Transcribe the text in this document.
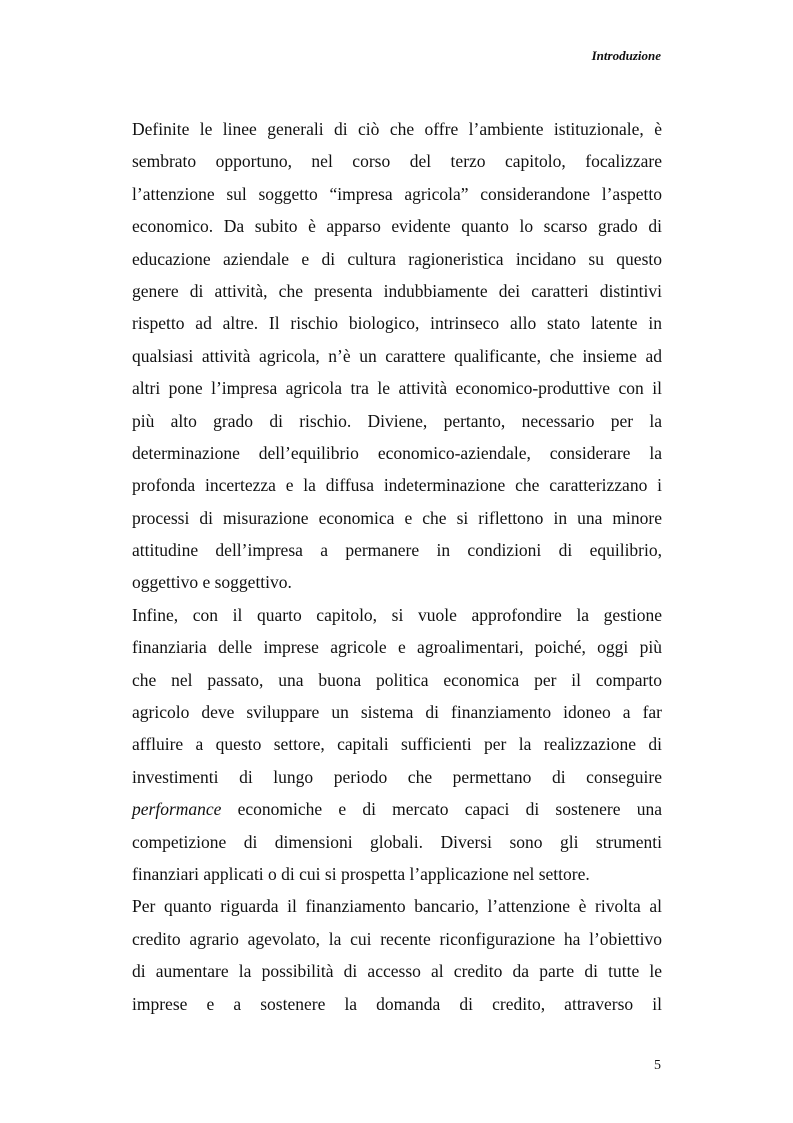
Introduzione
Definite le linee generali di ciò che offre l’ambiente istituzionale, è
sembrato opportuno, nel corso del terzo capitolo, focalizzare
l’attenzione sul soggetto “impresa agricola” considerandone l’aspetto
economico. Da subito è apparso evidente quanto lo scarso grado di
educazione aziendale e di cultura ragioneristica incidano su questo
genere di attività, che presenta indubbiamente dei caratteri distintivi
rispetto ad altre. Il rischio biologico, intrinseco allo stato latente in
qualsiasi attività agricola, n’è un carattere qualificante, che insieme ad
altri pone l’impresa agricola tra le attività economico-produttive con il
più alto grado di rischio. Diviene, pertanto, necessario per la
determinazione dell’equilibrio economico-aziendale, considerare la
profonda incertezza e la diffusa indeterminazione che caratterizzano i
processi di misurazione economica e che si riflettono in una minore
attitudine dell’impresa a permanere in condizioni di equilibrio,
oggettivo e soggettivo.
Infine, con il quarto capitolo, si vuole approfondire la gestione
finanziaria delle imprese agricole e agroalimentari, poiché, oggi più
che nel passato, una buona politica economica per il comparto
agricolo deve sviluppare un sistema di finanziamento idoneo a far
affluire a questo settore, capitali sufficienti per la realizzazione di
investimenti di lungo periodo che permettano di conseguire
performance economiche e di mercato capaci di sostenere una
competizione di dimensioni globali. Diversi sono gli strumenti
finanziari applicati o di cui si prospetta l’applicazione nel settore.
Per quanto riguarda il finanziamento bancario, l’attenzione è rivolta al
credito agrario agevolato, la cui recente riconfigurazione ha l’obiettivo
di aumentare la possibilità di accesso al credito da parte di tutte le
imprese e a sostenere la domanda di credito, attraverso il
5
